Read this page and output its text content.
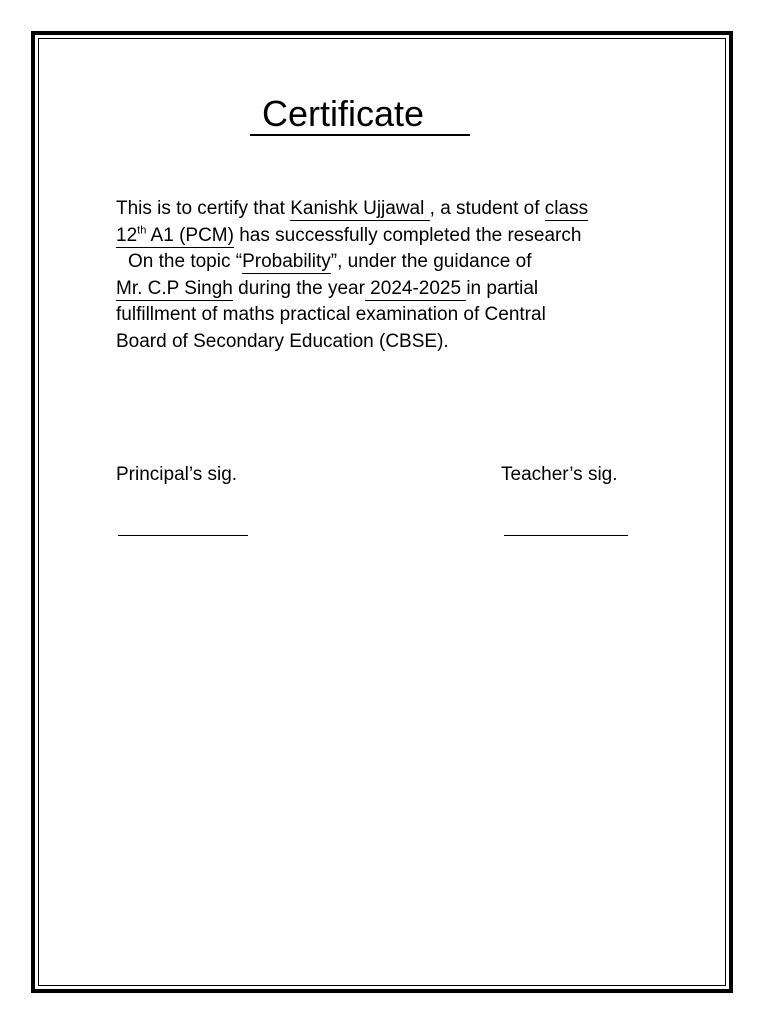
Certificate
This is to certify that Kanishk Ujjawal , a student of class
12th A1 (PCM) has successfully completed the research
On the topic “Probability”, under the guidance of
Mr. C.P Singh during the year 2024-2025 in partial
fulfillment of maths practical examination of Central
Board of Secondary Education (CBSE).
Principal’s sig.	Teacher’s sig.
